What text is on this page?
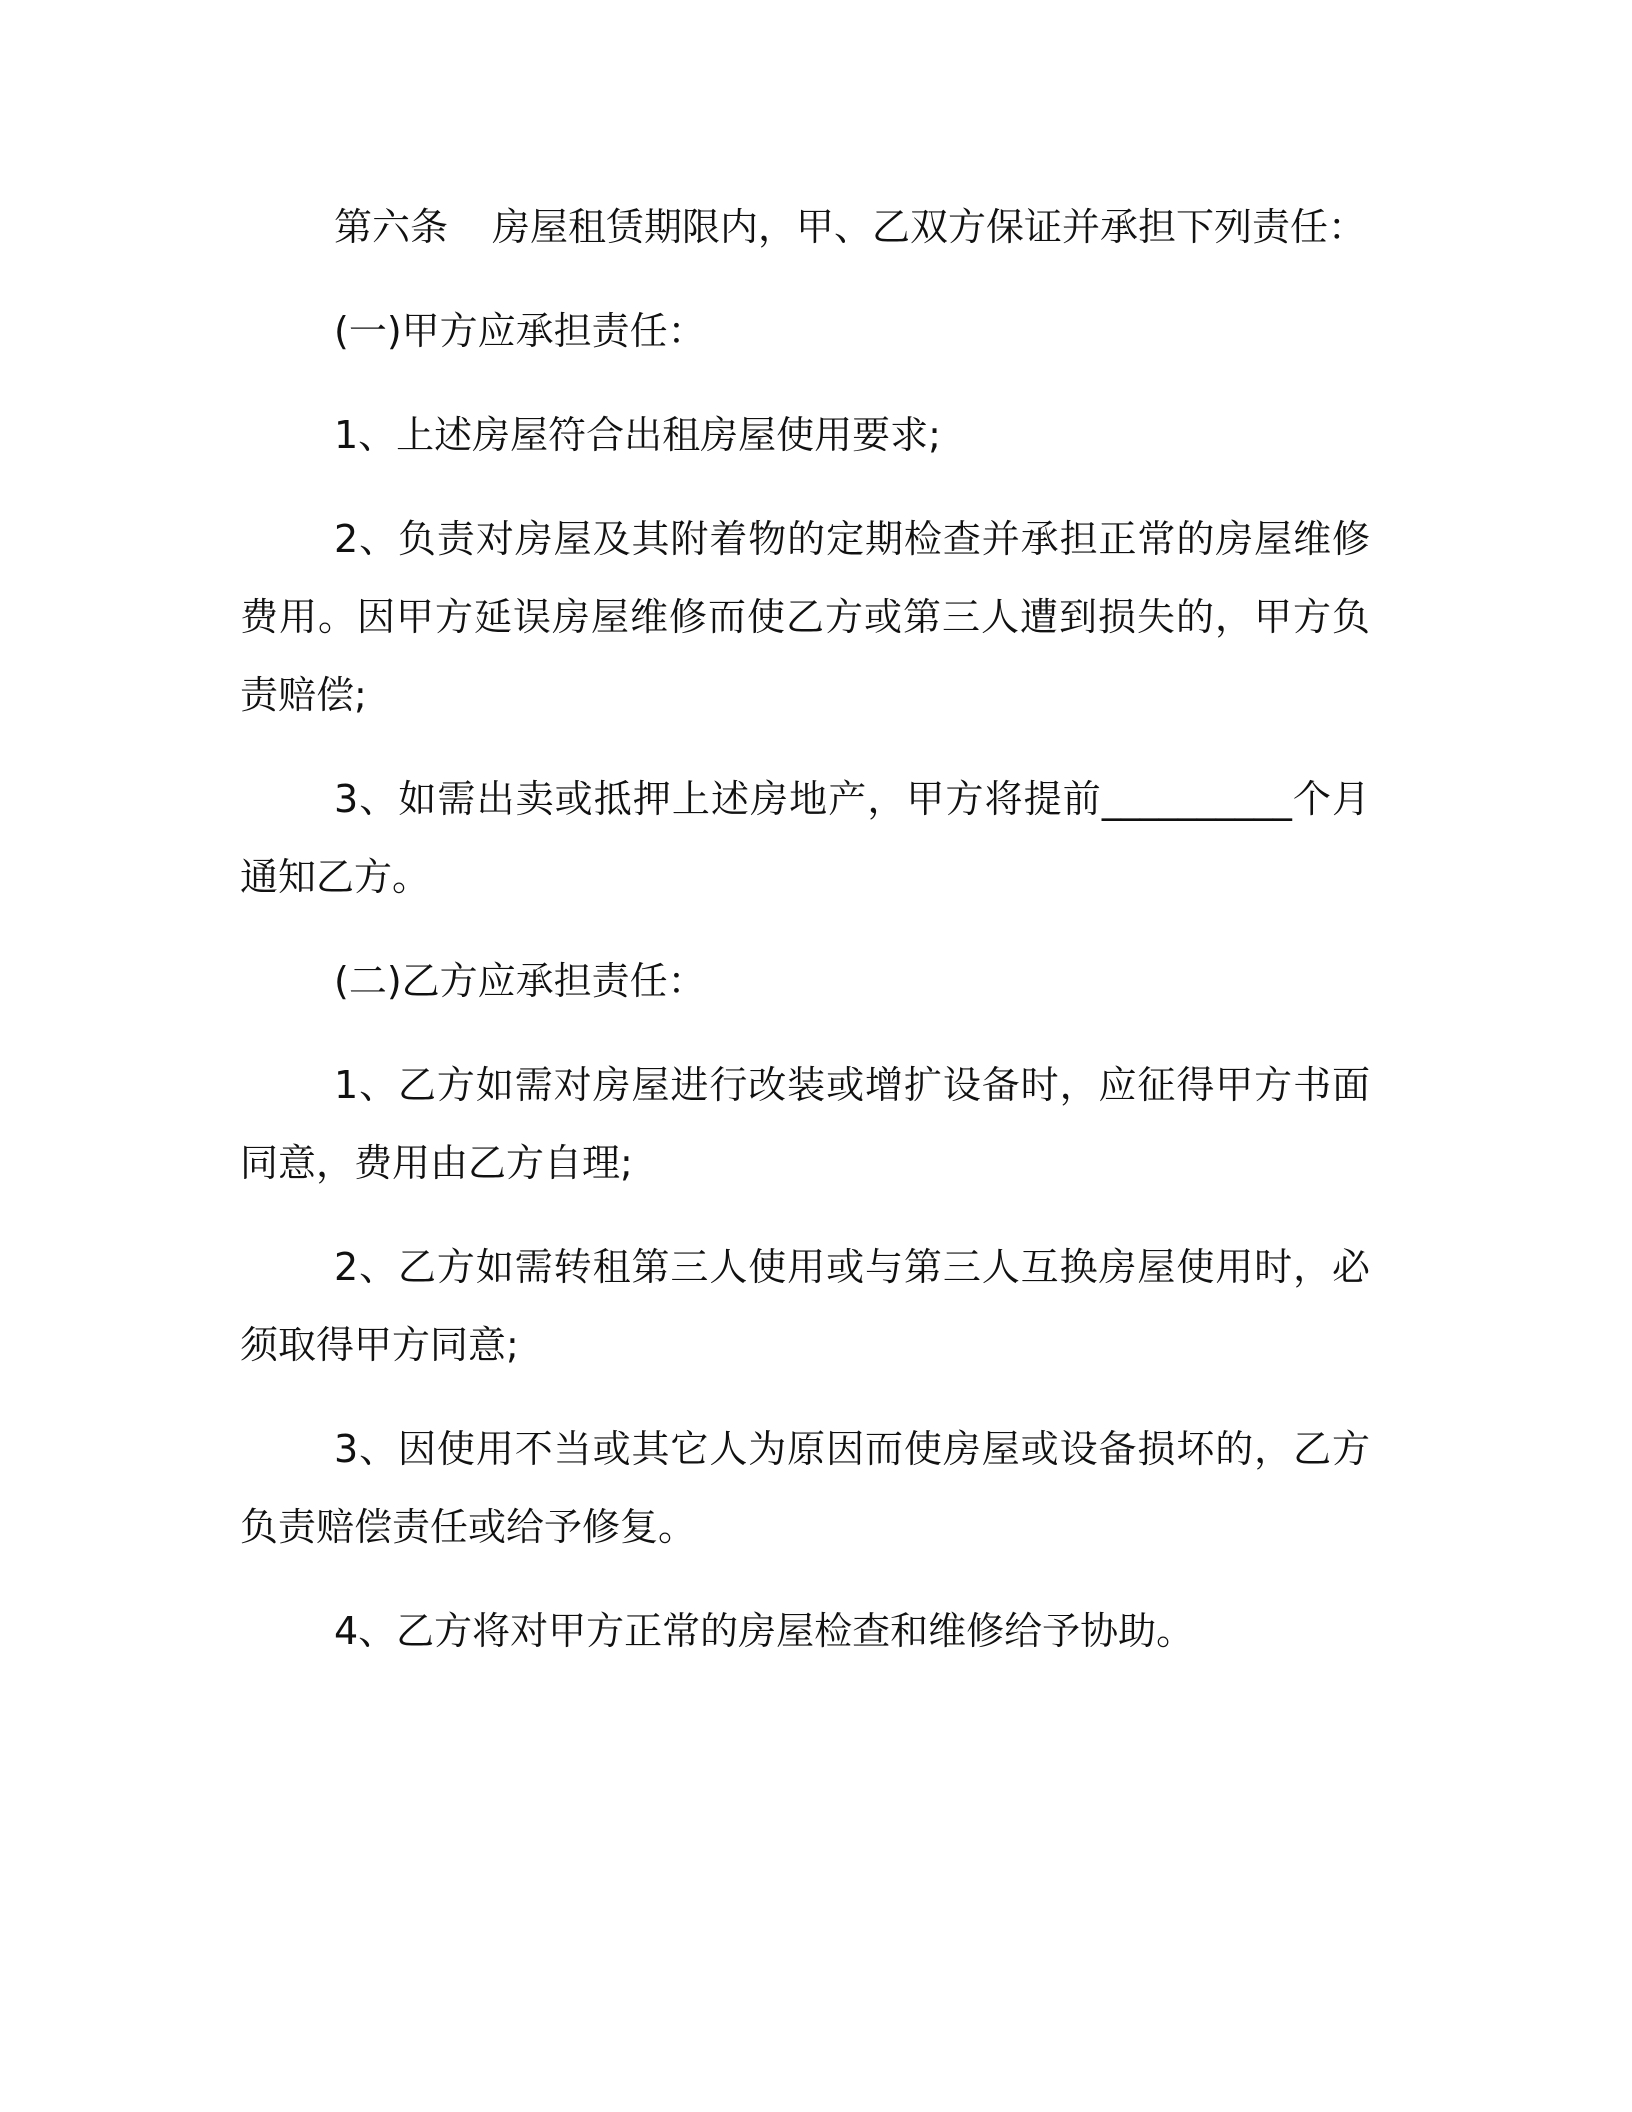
第六条 房屋租赁期限内，甲、乙双方保证并承担下列责任：

(一)甲方应承担责任：

1、上述房屋符合出租房屋使用要求;

2、负责对房屋及其附着物的定期检查并承担正常的房屋维修费用。因甲方延误房屋维修而使乙方或第三人遭到损失的，甲方负责赔偿;

3、如需出卖或抵押上述房地产，甲方将提前__________个月通知乙方。

(二)乙方应承担责任：

1、乙方如需对房屋进行改装或增扩设备时，应征得甲方书面同意，费用由乙方自理;

2、乙方如需转租第三人使用或与第三人互换房屋使用时，必须取得甲方同意;

3、因使用不当或其它人为原因而使房屋或设备损坏的，乙方负责赔偿责任或给予修复。

4、乙方将对甲方正常的房屋检查和维修给予协助。
